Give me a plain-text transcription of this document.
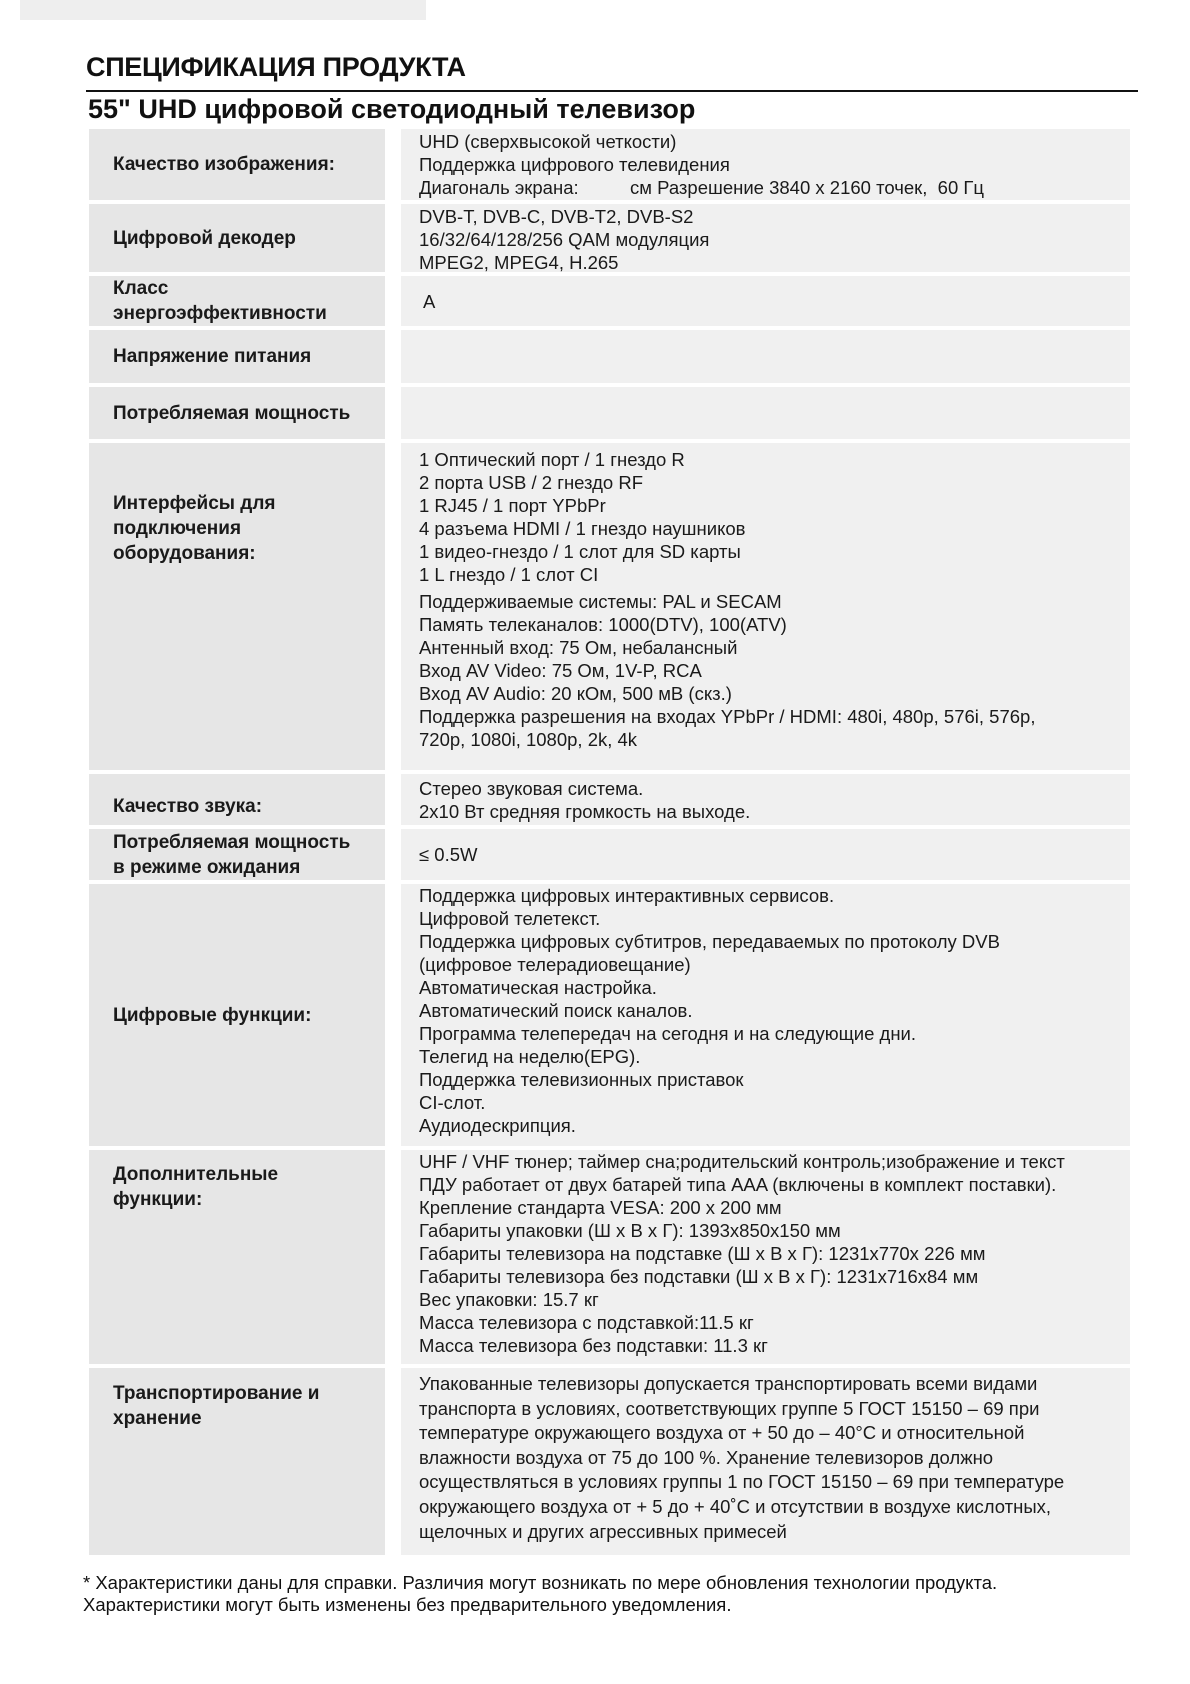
СПЕЦИФИКАЦИЯ ПРОДУКТА
55" UHD цифровой светодиодный телевизор
Качество изображения:
UHD (сверхвысокой четкости)
Поддержка цифрового телевидения
Диагональ экрана:          см Разрешение 3840 x 2160 точек,  60 Гц
Цифровой декодер
DVB-T, DVB-C, DVB-T2, DVB-S2
16/32/64/128/256 QAM модуляция
MPEG2, MPEG4, H.265
Класс энергоэффективности
A
Напряжение питания
Потребляемая мощность
Интерфейсы для подключения оборудования:
1 Оптический порт / 1 гнездо R
2 порта USB / 2 гнездо RF
1 RJ45 / 1 порт YPbPr
4 разъема HDMI / 1 гнездо наушников
1 видео-гнездо / 1 слот для SD карты
1 L гнездо / 1 слот CI
Поддерживаемые системы: PAL и SECAM
Память телеканалов: 1000(DTV), 100(ATV)
Антенный вход: 75 Ом, небалансный
Вход AV Video: 75 Ом, 1V-P, RCA
Вход AV Audio: 20 кОм, 500 мВ (скз.)
Поддержка разрешения на входах YPbPr / HDMI: 480i, 480p, 576i, 576p,
720p, 1080i, 1080p, 2k, 4k
Качество звука:
Стерео звуковая система.
2x10 Вт средняя громкость на выходе.
Потребляемая мощность в режиме ожидания
≤ 0.5W
Цифровые функции:
Поддержка цифровых интерактивных сервисов.
Цифровой телетекст.
Поддержка цифровых субтитров, передаваемых по протоколу DVB
(цифровое телерадиовещание)
Автоматическая настройка.
Автоматический поиск каналов.
Программа телепередач на сегодня и на следующие дни.
Телегид на неделю(EPG).
Поддержка телевизионных приставок
CI-слот.
Аудиодескрипция.
Дополнительные функции:
UHF / VHF тюнер; таймер сна;родительский контроль;изображение и текст
ПДУ работает от двух батарей типа AAA (включены в комплект поставки).
Крепление стандарта VESA: 200 x 200 мм
Габариты упаковки (Ш x В x Г): 1393x850x150 мм
Габариты телевизора на подставке (Ш x В x Г): 1231x770x 226 мм
Габариты телевизора без подставки (Ш x В x Г): 1231x716x84 мм
Вес упаковки: 15.7 кг
Масса телевизора с подставкой:11.5 кг
Масса телевизора без подставки: 11.3 кг
Транспортирование и хранение
Упакованные телевизоры допускается транспортировать всеми видами
транспорта в условиях, соответствующих группе 5 ГОСТ 15150 – 69 при
температуре окружающего воздуха от + 50 до – 40°С и относительной
влажности воздуха от 75 до 100 %. Хранение телевизоров должно
осуществляться в условиях группы 1 по ГОСТ 15150 – 69 при температуре
окружающего воздуха от + 5 до + 40˚С и отсутствии в воздухе кислотных,
щелочных и других агрессивных примесей
* Характеристики даны для справки. Различия могут возникать по мере обновления технологии продукта.
Характеристики могут быть изменены без предварительного уведомления.
